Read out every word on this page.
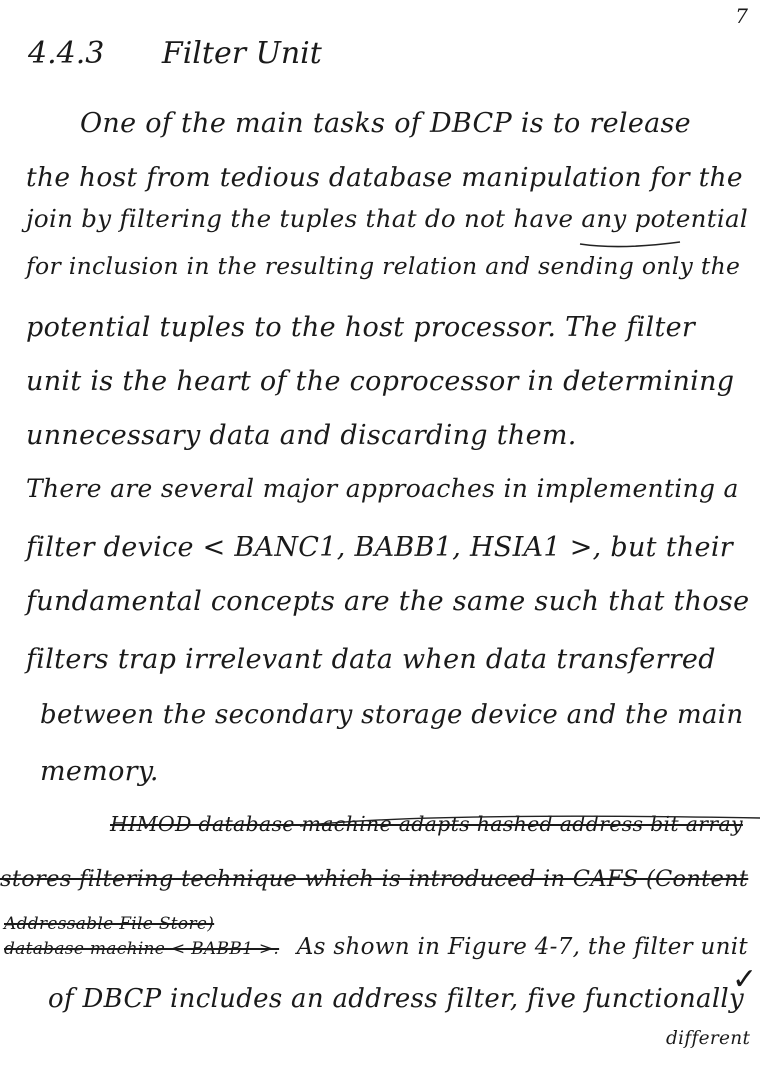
7
4.4.3 Filter Unit
One of the main tasks of DBCP is to release
the host from tedious database manipulation for the
join by filtering the tuples that do not have any potential
for inclusion in the resulting relation and sending only the
potential tuples to the host processor. The filter
unit is the heart of the coprocessor in determining
unnecessary data and discarding them.
There are several major approaches in implementing a
filter device < BANC1, BABB1, HSIA1 >, but their
fundamental concepts are the same such that those
filters trap irrelevant data when data transferred
between the secondary storage device and the main
memory.
HIMOD database machine adapts hashed address bit array
stores filtering technique which is introduced in CAFS (Content
Addressable File Store)
database machine < BABB1 >. As shown in Figure 4-7, the filter unit
of DBCP includes an address filter, five functionally
different
✓
